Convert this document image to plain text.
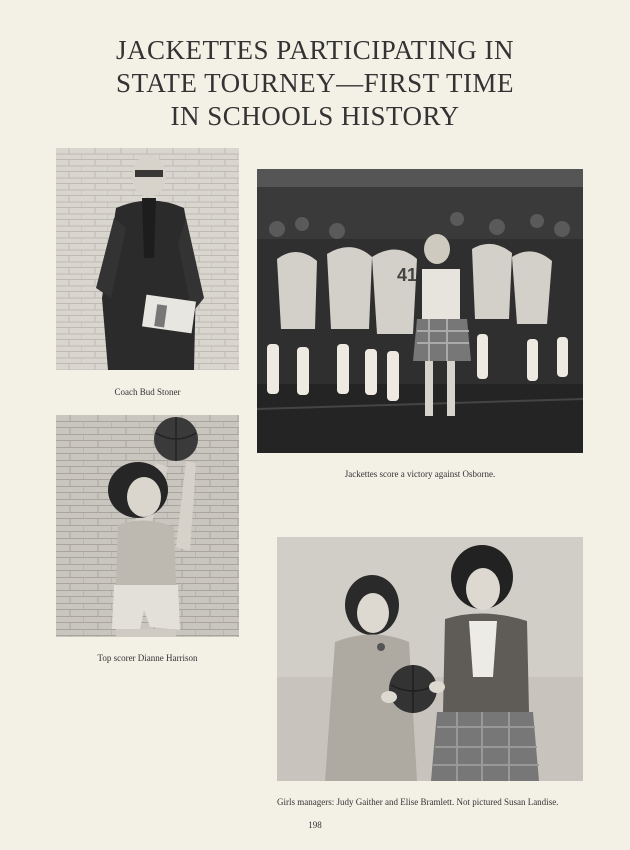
JACKETTES PARTICIPATING IN
STATE TOURNEY—FIRST TIME
IN SCHOOLS HISTORY
Coach Bud Stoner
41
Jackettes score a victory against Osborne.
Top scorer Dianne Harrison
Girls managers: Judy Gaither and Elise Bramlett. Not pictured Susan Landise.
198
